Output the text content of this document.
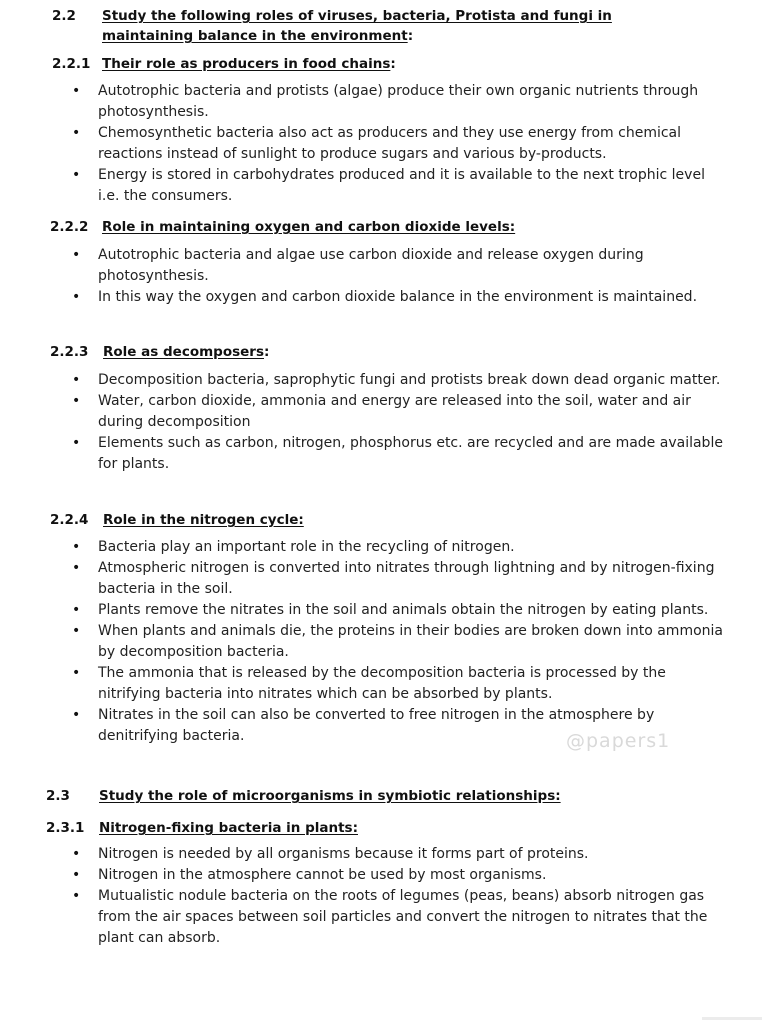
2.2 Study the following roles of viruses, bacteria, Protista and fungi in maintaining balance in the environment:
2.2.1 Their role as producers in food chains:
• Autotrophic bacteria and protists (algae) produce their own organic nutrients through photosynthesis.
• Chemosynthetic bacteria also act as producers and they use energy from chemical reactions instead of sunlight to produce sugars and various by-products.
• Energy is stored in carbohydrates produced and it is available to the next trophic level i.e. the consumers.
2.2.2 Role in maintaining oxygen and carbon dioxide levels:
• Autotrophic bacteria and algae use carbon dioxide and release oxygen during photosynthesis.
• In this way the oxygen and carbon dioxide balance in the environment is maintained.
2.2.3 Role as decomposers:
• Decomposition bacteria, saprophytic fungi and protists break down dead organic matter.
• Water, carbon dioxide, ammonia and energy are released into the soil, water and air during decomposition
• Elements such as carbon, nitrogen, phosphorus etc. are recycled and are made available for plants.
2.2.4 Role in the nitrogen cycle:
• Bacteria play an important role in the recycling of nitrogen.
• Atmospheric nitrogen is converted into nitrates through lightning and by nitrogen-fixing bacteria in the soil.
• Plants remove the nitrates in the soil and animals obtain the nitrogen by eating plants.
• When plants and animals die, the proteins in their bodies are broken down into ammonia by decomposition bacteria.
• The ammonia that is released by the decomposition bacteria is processed by the nitrifying bacteria into nitrates which can be absorbed by plants.
• Nitrates in the soil can also be converted to free nitrogen in the atmosphere by denitrifying bacteria.	@papers1
2.3 Study the role of microorganisms in symbiotic relationships:
2.3.1 Nitrogen-fixing bacteria in plants:
• Nitrogen is needed by all organisms because it forms part of proteins.
• Nitrogen in the atmosphere cannot be used by most organisms.
• Mutualistic nodule bacteria on the roots of legumes (peas, beans) absorb nitrogen gas from the air spaces between soil particles and convert the nitrogen to nitrates that the plant can absorb.
